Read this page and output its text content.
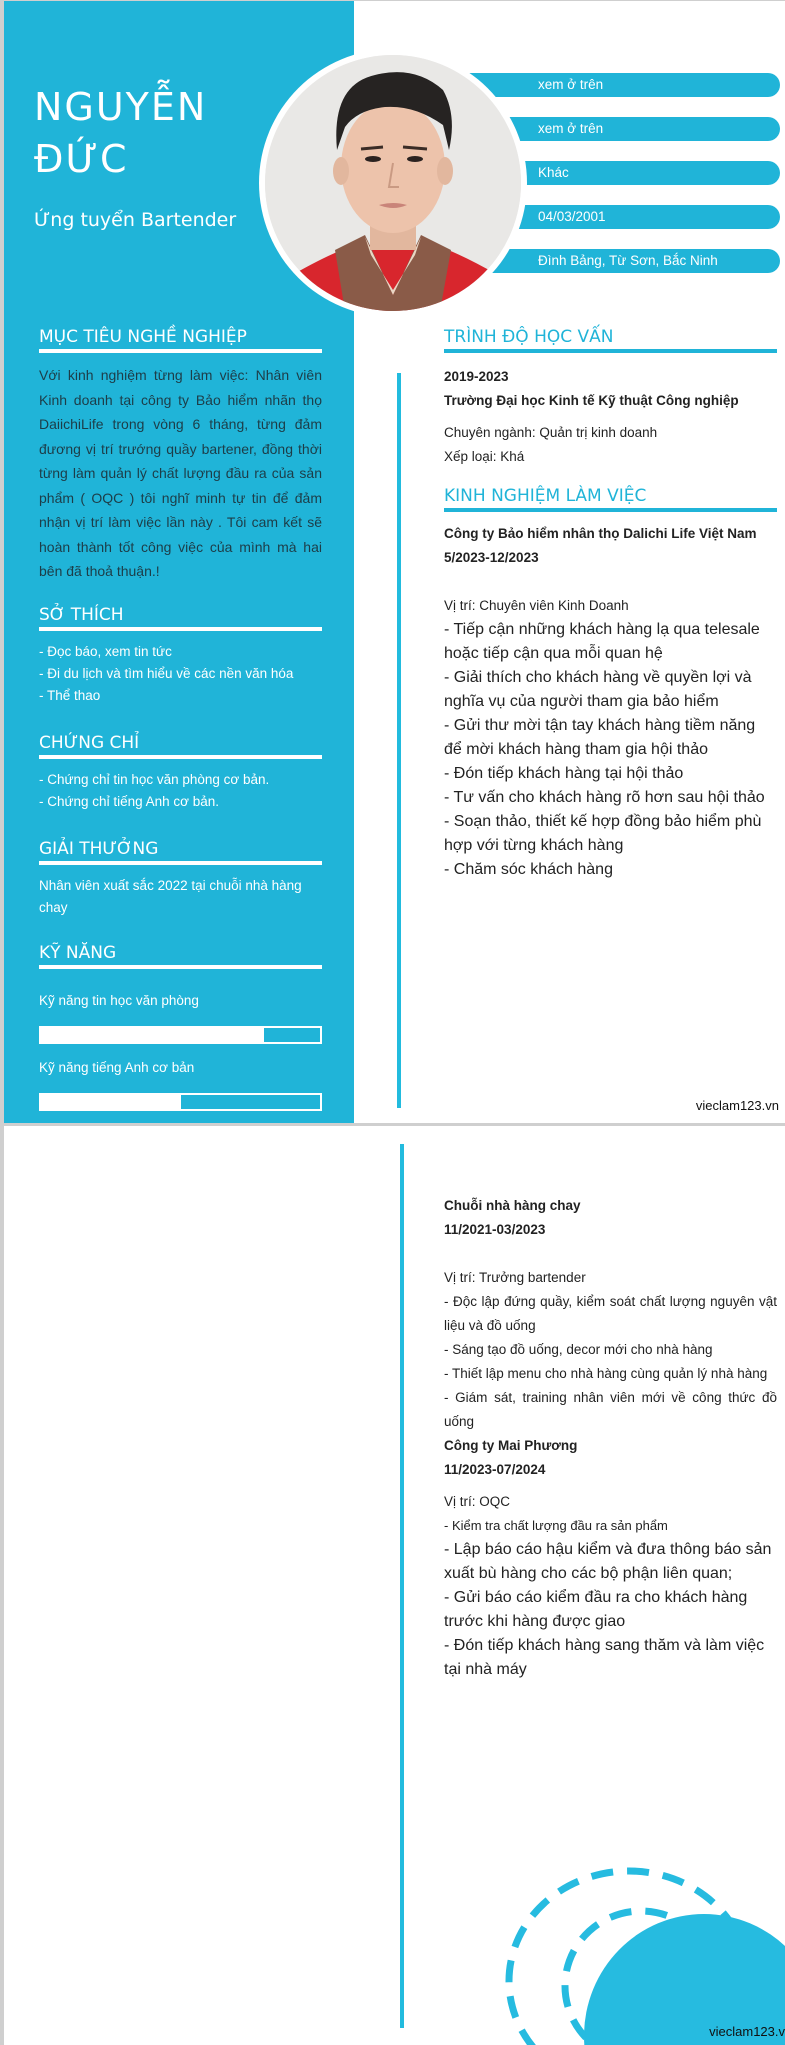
NGUYỄN
ĐỨC
Ứng tuyển Bartender
xem ở trên
xem ở trên
Khác
04/03/2001
Đình Bảng, Từ Sơn, Bắc Ninh
MỤC TIÊU NGHỀ NGHIỆP
Với kinh nghiệm từng làm việc: Nhân viên Kinh doanh tại công ty Bảo hiểm nhãn thọ DaiichiLife trong vòng 6 tháng, từng đảm đương vị trí trướng quầy bartener, đồng thời từng làm quản lý chất lượng đầu ra của sản phẩm ( OQC ) tôi nghĩ minh tự tin để đảm nhận vị trí làm việc lần này . Tôi cam kết sẽ hoàn thành tốt công việc của mình mà hai bên đã thoả thuận.!
SỞ THÍCH
- Đọc báo, xem tin tức
- Đi du lịch và tìm hiểu về các nền văn hóa
- Thể thao
CHỨNG CHỈ
- Chứng chỉ tin học văn phòng cơ bản.
- Chứng chỉ tiếng Anh cơ bản.
GIẢI THƯỞNG
Nhân viên xuất sắc 2022 tại chuỗi nhà hàng chay
KỸ NĂNG
Kỹ năng tin học văn phòng
Kỹ năng tiếng Anh cơ bản
TRÌNH ĐỘ HỌC VẤN
2019-2023
Trường Đại học Kinh tế Kỹ thuật Công nghiệp
Chuyên ngành: Quản trị kinh doanh
Xếp loại: Khá
KINH NGHIỆM LÀM VIỆC
Công ty Bảo hiểm nhân thọ Dalichi Life Việt Nam
5/2023-12/2023
Vị trí: Chuyên viên Kinh Doanh
- Tiếp cận những khách hàng lạ qua telesale hoặc tiếp cận qua mỗi quan hệ
- Giải thích cho khách hàng về quyền lợi và nghĩa vụ của người tham gia bảo hiểm
- Gửi thư mời tận tay khách hàng tiềm năng để mời khách hàng tham gia hội thảo
- Đón tiếp khách hàng tại hội thảo
- Tư vấn cho khách hàng rõ hơn sau hội thảo
- Soạn thảo, thiết kế hợp đồng bảo hiểm phù hợp với từng khách hàng
- Chăm sóc khách hàng
vieclam123.vn
Chuỗi nhà hàng chay
11/2021-03/2023
Vị trí: Trưởng bartender
- Độc lập đứng quầy, kiểm soát chất lượng nguyên vật liệu và đồ uống
- Sáng tạo đồ uống, decor mới cho nhà hàng
- Thiết lập menu cho nhà hàng cùng quản lý nhà hàng
- Giám sát, training nhân viên mới về công thức đồ uống
Công ty Mai Phương
11/2023-07/2024
Vị trí: OQC
- Kiểm tra chất lượng đầu ra sản phẩm
- Lập báo cáo hậu kiểm và đưa thông báo sản xuất bù hàng cho các bộ phận liên quan;
- Gửi báo cáo kiểm đầu ra cho khách hàng trước khi hàng được giao
- Đón tiếp khách hàng sang thăm và làm việc tại nhà máy
vieclam123.v
